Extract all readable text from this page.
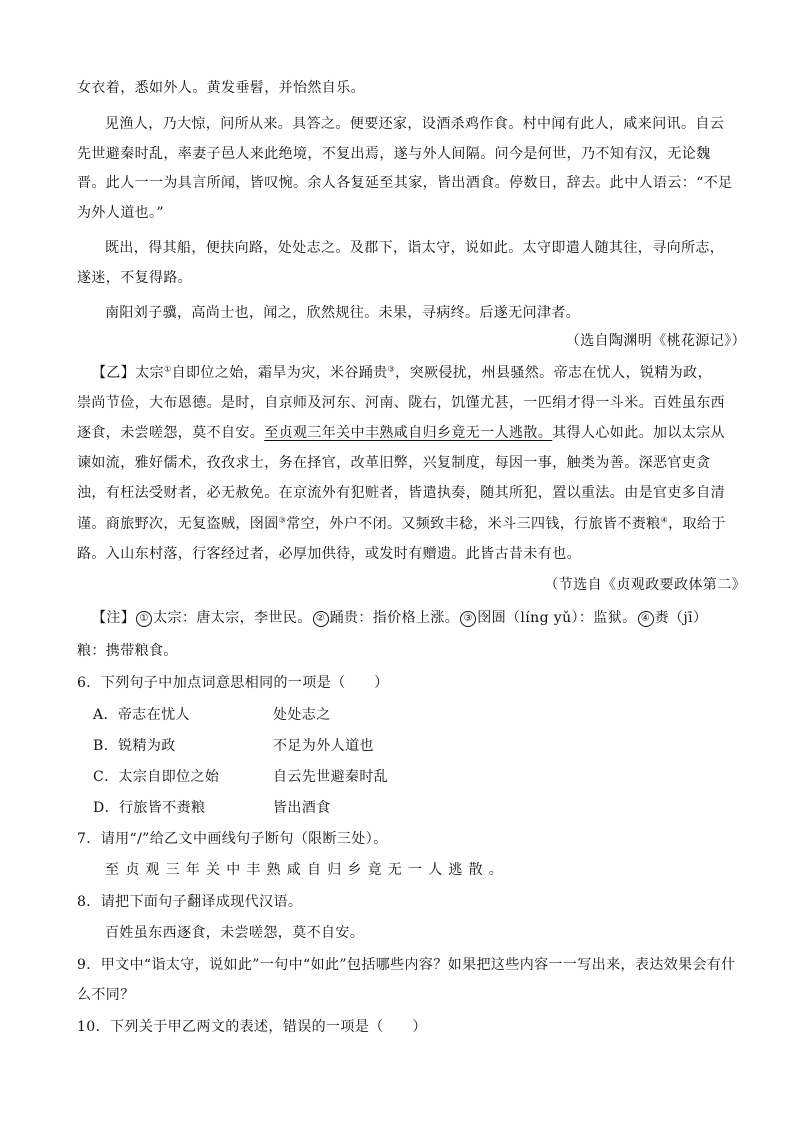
女衣着，悉如外人。黄发垂髫，并怡然自乐。
见渔人，乃大惊，问所从来。具答之。便要还家，设酒杀鸡作食。村中闻有此人，咸来问讯。自云
先世避秦时乱，率妻子邑人来此绝境，不复出焉，遂与外人间隔。问今是何世，乃不知有汉，无论魏
晋。此人一一为具言所闻，皆叹惋。余人各复延至其家，皆出酒食。停数日，辞去。此中人语云：“不足
为外人道也。”
既出，得其船，便扶向路，处处志之。及郡下，诣太守，说如此。太守即遣人随其往，寻向所志，
遂迷，不复得路。
南阳刘子骥，高尚士也，闻之，欣然规往。未果，寻病终。后遂无问津者。
（选自陶渊明《桃花源记》）
【乙】太宗①自即位之始，霜旱为灾，米谷踊贵③，突厥侵扰，州县骚然。帝志在忧人，锐精为政，
崇尚节俭，大布恩德。是时，自京师及河东、河南、陇右，饥馑尤甚，一匹绢才得一斗米。百姓虽东西
逐食，未尝嗟怨，莫不自安。至贞观三年关中丰熟咸自归乡竟无一人逃散。其得人心如此。加以太宗从
谏如流，雅好儒术，孜孜求士，务在择官，改革旧弊，兴复制度，每因一事，触类为善。深恶官吏贪
浊，有枉法受财者，必无赦免。在京流外有犯赃者，皆遣执奏，随其所犯，置以重法。由是官吏多自清
谨。商旅野次，无复盗贼，囹圄③常空，外户不闭。又频致丰稔，米斗三四钱，行旅皆不赉粮④，取给于
路。入山东村落，行客经过者，必厚加供待，或发时有赠遗。此皆古昔未有也。
（节选自《贞观政要政体第二》
【注】 ① 太宗：唐太宗，李世民。 ② 踊贵：指价格上涨。 ③ 囹圄（líng yǔ）：监狱。 ④ 赉（jī）
粮：携带粮食。
6．下列句子中加点词意思相同的一项是（　　）
A．帝志在忧人	处处志之
B．锐精为政	不足为外人道也
C．太宗自即位之始	自云先世避秦时乱
D．行旅皆不赉粮	皆出酒食
7．请用“/”给乙文中画线句子断句（限断三处）。
至贞观三年关中丰熟咸自归乡竟无一人逃散。
8．请把下面句子翻译成现代汉语。
百姓虽东西逐食，未尝嗟怨，莫不自安。
9．甲文中“诣太守，说如此”一句中“如此”包括哪些内容？如果把这些内容一一写出来，表达效果会有什
么不同？
10．下列关于甲乙两文的表述，错误的一项是（　　）
